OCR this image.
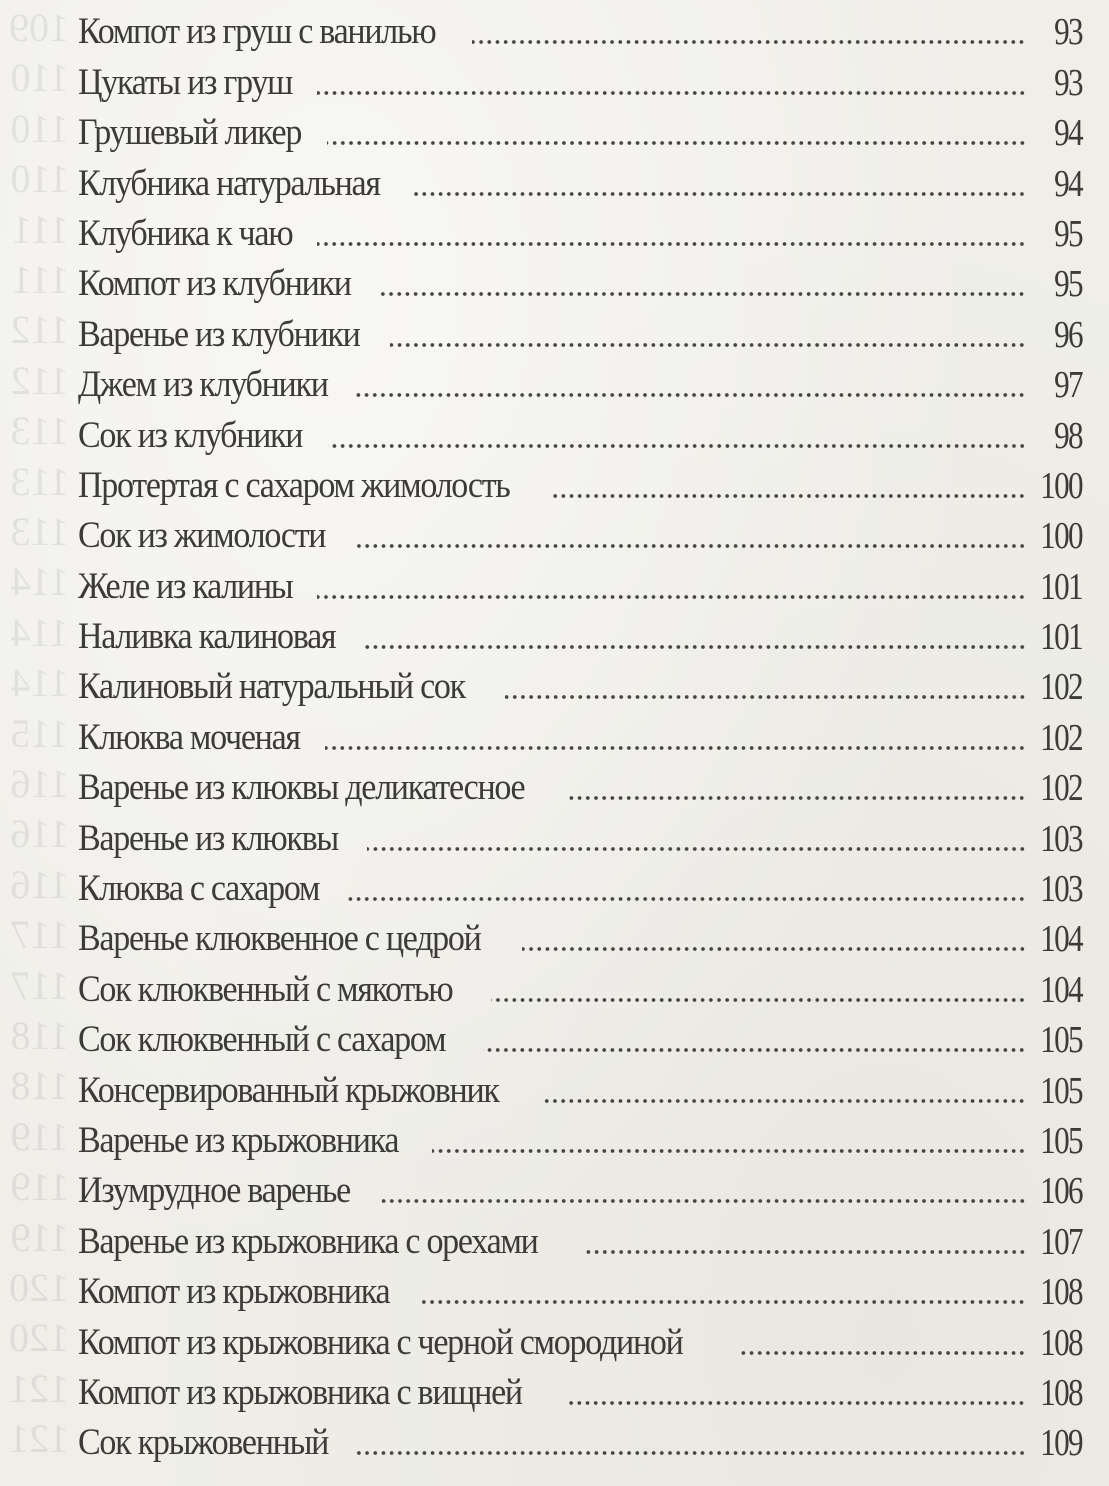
109
110
110
110
111
111
112
112
113
113
113
114
114
114
115
116
116
116
117
117
118
118
119
119
119
120
120
121
121
Компот из груш с ванилью	93
Цукаты из груш	93
Грушевый ликер	94
Клубника натуральная	94
Клубника к чаю	95
Компот из клубники	95
Варенье из клубники	96
Джем из клубники	97
Сок из клубники	98
Протертая с сахаром жимолость	100
Сок из жимолости	100
Желе из калины	101
Наливка калиновая	101
Калиновый натуральный сок	102
Клюква моченая	102
Варенье из клюквы деликатесное	102
Варенье из клюквы	103
Клюква с сахаром	103
Варенье клюквенное с цедрой	104
Сок клюквенный с мякотью	104
Сок клюквенный с сахаром	105
Консервированный крыжовник	105
Варенье из крыжовника	105
Изумрудное варенье	106
Варенье из крыжовника с орехами	107
Компот из крыжовника	108
Компот из крыжовника с черной смородиной	108
Компот из крыжовника с вищней	108
Сок крыжовенный	109
